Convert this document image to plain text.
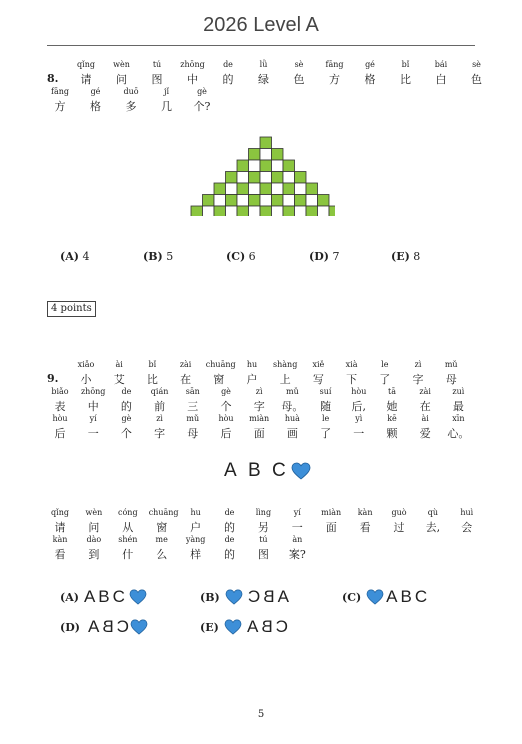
2026 Level A
8.
qǐng
请
wèn
问
tú
图
zhōng
中
de
的
lǜ
绿
sè
色
fāng
方
gé
格
bǐ
比
bái
白
sè
色
fāng
方
gé
格
duō
多
jǐ
几
gè
个?
(A) 4	(B) 5	(C) 6	(D) 7	(E) 8
4 points
9.
xiǎo
小
ài
艾
bǐ
比
zài
在
chuāng
窗
hu
户
shàng
上
xiě
写
xià
下
le
了
zì
字
mǔ
母
biǎo
表
zhōng
中
de
的
qián
前
sān
三
gè
个
zì
字
mǔ
母。
suí
随
hòu
后,
tā
她
zài
在
zuì
最
hòu
后
yí
一
gè
个
zì
字
mǔ
母
hòu
后
miàn
面
huà
画
le
了
yì
一
kē
颗
ài
爱
xīn
心。
A B C
qǐng
请
wèn
问
cóng
从
chuāng
窗
hu
户
de
的
lìng
另
yí
一
miàn
面
kàn
看
guò
过
qù
去,
huì
会
kàn
看
dào
到
shén
什
me
么
yàng
样
de
的
tú
图
àn
案?
(A) ABC	(B) ABC	(C) ABC
(D) CBA	(E) CBA
5
